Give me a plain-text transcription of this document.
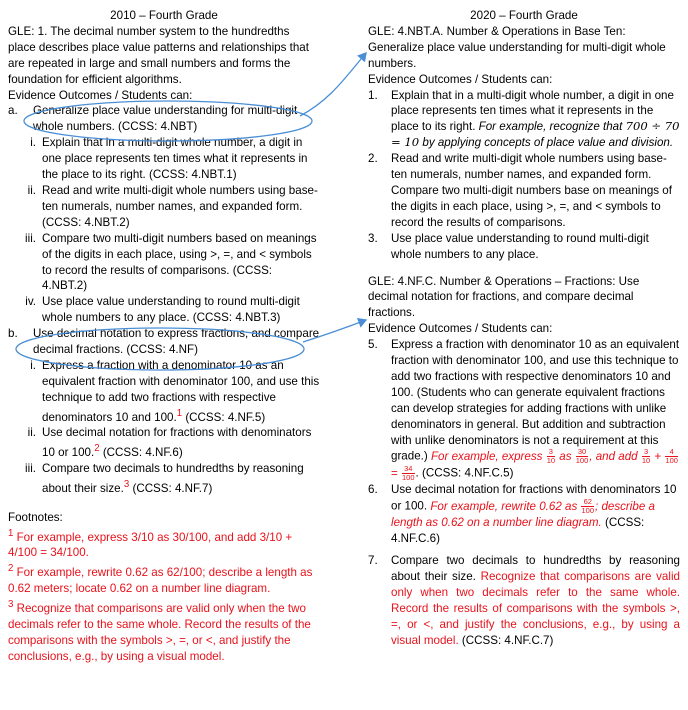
2010 – Fourth Grade

GLE: 1. The decimal number system to the hundredths place describes place value patterns and relationships that are repeated in large and small numbers and forms the foundation for efficient algorithms.

Evidence Outcomes / Students can:

a. Generalize place value understanding for multi-digit whole numbers. (CCSS: 4.NBT)
i. Explain that in a multi-digit whole number, a digit in one place represents ten times what it represents in the place to its right. (CCSS: 4.NBT.1)
ii. Read and write multi-digit whole numbers using base-ten numerals, number names, and expanded form. (CCSS: 4.NBT.2)
iii. Compare two multi-digit numbers based on meanings of the digits in each place, using >, =, and < symbols to record the results of comparisons. (CCSS: 4.NBT.2)
iv. Use place value understanding to round multi-digit whole numbers to any place. (CCSS: 4.NBT.3)
b. Use decimal notation to express fractions, and compare decimal fractions. (CCSS: 4.NF)
i. Express a fraction with a denominator 10 as an equivalent fraction with denominator 100, and use this technique to add two fractions with respective denominators 10 and 100.$^1$ (CCSS: 4.NF.5)
ii. Use decimal notation for fractions with denominators 10 or 100.$^2$ (CCSS: 4.NF.6)
iii. Compare two decimals to hundredths by reasoning about their size.$^3$ (CCSS: 4.NF.7)

Footnotes:

$^1$ For example, express 3/10 as 30/100, and add 3/10 + 4/100 = 34/100.

$^2$ For example, rewrite 0.62 as 62/100; describe a length as 0.62 meters; locate 0.62 on a number line diagram.

$^3$ Recognize that comparisons are valid only when the two decimals refer to the same whole. Record the results of the comparisons with the symbols >, =, or <, and justify the conclusions, e.g., by using a visual model.

2020 – Fourth Grade

GLE: 4.NBT.A. Number & Operations in Base Ten: Generalize place value understanding for multi-digit whole numbers.

Evidence Outcomes / Students can:

1. Explain that in a multi-digit whole number, a digit in one place represents ten times what it represents in the place to its right. For example, recognize that 700 ÷ 70 = 10 by applying concepts of place value and division.
2. Read and write multi-digit whole numbers using base-ten numerals, number names, and expanded form. Compare two multi-digit numbers base on meanings of the digits in each place, using >, =, and < symbols to record the results of comparisons.
3. Use place value understanding to round multi-digit whole numbers to any place.

GLE: 4.NF.C. Number & Operations – Fractions: Use decimal notation for fractions, and compare decimal fractions.

Evidence Outcomes / Students can:

5. Express a fraction with denominator 10 as an equivalent fraction with denominator 100, and use this technique to add two fractions with respective denominators 10 and 100. (Students who can generate equivalent fractions can develop strategies for adding fractions with unlike denominators in general. But addition and subtraction with unlike denominators is not a requirement at this grade.) For example, express $\frac{3}{10}$ as $\frac{30}{100}$ , and add $\frac{3}{10} + \frac{4}{100}$
= $\frac{34}{100}$ . (CCSS: 4.NF.C.5)
6. Use decimal notation for fractions with denominators 10 or 100. For example, rewrite 0.62 as $\frac{62}{100}$ ; describe a length as 0.62 on a number line diagram. (CCSS: 4.NF.C.6)
7. Compare two decimals to hundredths by reasoning about their size. Recognize that comparisons are valid only when two decimals refer to the same whole. Record the results of comparisons with the symbols >, =, or <, and justify the conclusions, e.g., by using a visual model. (CCSS: 4.NF.C.7)
